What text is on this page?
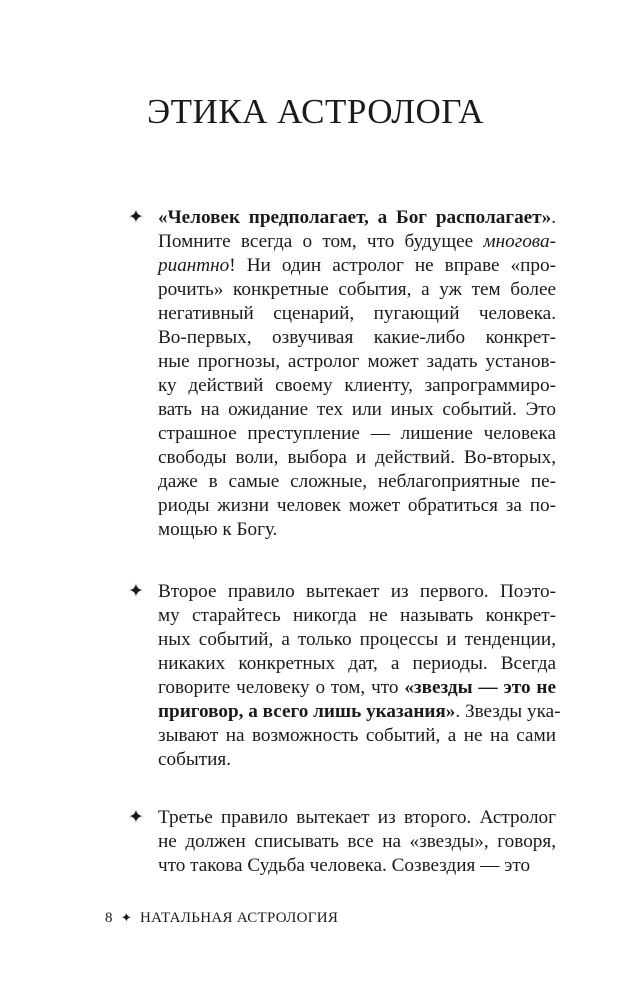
ЭТИКА АСТРОЛОГА
✦ «Человек предполагает, а Бог располагает».
Помните всегда о том, что будущее многова-
риантно! Ни один астролог не вправе «про-
рочить» конкретные события, а уж тем более
негативный сценарий, пугающий человека.
Во-первых, озвучивая какие-либо конкрет-
ные прогнозы, астролог может задать установ-
ку действий своему клиенту, запрограммиро-
вать на ожидание тех или иных событий. Это
страшное преступление — лишение человека
свободы воли, выбора и действий. Во-вторых,
даже в самые сложные, неблагоприятные пе-
риоды жизни человек может обратиться за по-
мощью к Богу.
✦ Второе правило вытекает из первого. Поэто-
му старайтесь никогда не называть конкрет-
ных событий, а только процессы и тенденции,
никаких конкретных дат, а периоды. Всегда
говорите человеку о том, что «звезды — это не
приговор, а всего лишь указания». Звезды ука-
зывают на возможность событий, а не на сами
события.
✦ Третье правило вытекает из второго. Астролог
не должен списывать все на «звезды», говоря,
что такова Судьба человека. Созвездия — это
8 ✦ НАТАЛЬНАЯ АСТРОЛОГИЯ
